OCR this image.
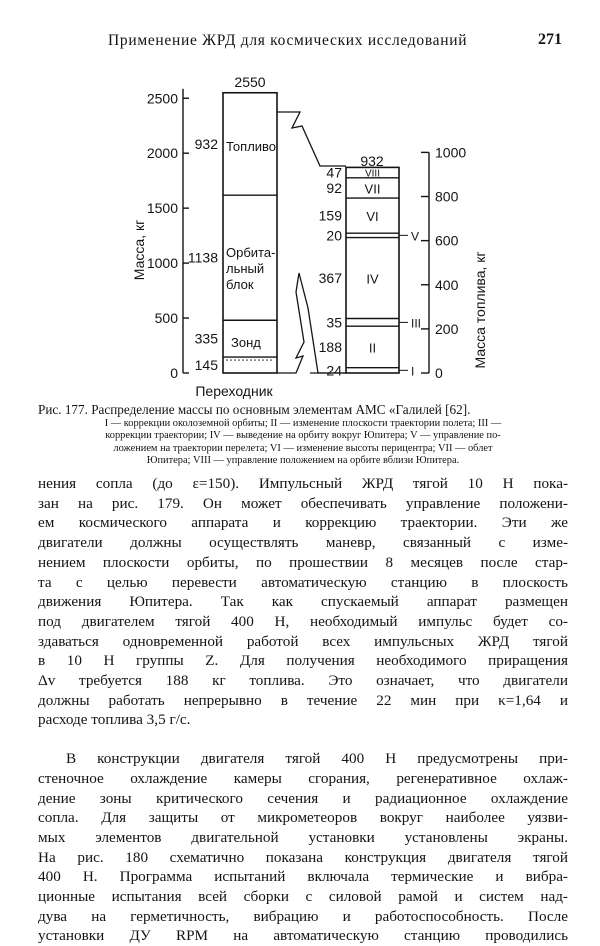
Применение ЖРД для космических исследований	271
0
500
1000
1500
2000
2500
0
200
400
600
800
1000
145
335
1138
932
24	I
188 II
35	III
367 IV
20	V
159 VI
92 VII
47 VIII
Масса, кг
Масса топлива, кг
2550
932
Топливо
Орбита-
льный
блок
Зонд
Переходник
Рис. 177. Распределение массы по основным элементам АМС «Галилей [62].
I — коррекции околоземной орбиты; II — изменение плоскости траектории полета; III —
коррекции траектории; IV — выведение на орбиту вокруг Юпитера; V — управление по-
ложением на траектории перелета; VI — изменение высоты перицентра; VII — облет
Юпитера; VIII — управление положением на орбите вблизи Юпитера.

нения сопла (до ε=150). Импульсный ЖРД тягой 10 Н пока-

зан на рис. 179. Он может обеспечивать управление положени-

ем космического аппарата и коррекцию траектории. Эти же

двигатели должны осуществлять маневр, связанный с изме-

нением плоскости орбиты, по прошествии 8 месяцев после стар-

та с целью перевести автоматическую станцию в плоскость

движения Юпитера. Так как спускаемый аппарат размещен

под двигателем тягой 400 Н, необходимый импульс будет со-

здаваться одновременной работой всех импульсных ЖРД тягой

в 10 Н группы Z. Для получения необходимого приращения

Δv требуется 188 кг топлива. Это означает, что двигатели

должны работать непрерывно в течение 22 мин при κ=1,64 и

расходе топлива 3,5 г/с.

В конструкции двигателя тягой 400 Н предусмотрены при-

стеночное охлаждение камеры сгорания, регенеративное охлаж-

дение зоны критического сечения и радиационное охлаждение

сопла. Для защиты от микрометеоров вокруг наиболее уязви-

мых элементов двигательной установки установлены экраны.

На рис. 180 схематично показана конструкция двигателя тягой

400 Н. Программа испытаний включала термические и вибра-

ционные испытания всей сборки с силовой рамой и систем над-

дува на герметичность, вибрацию и работоспособность. После

установки ДУ RPM на автоматическую станцию проводились
